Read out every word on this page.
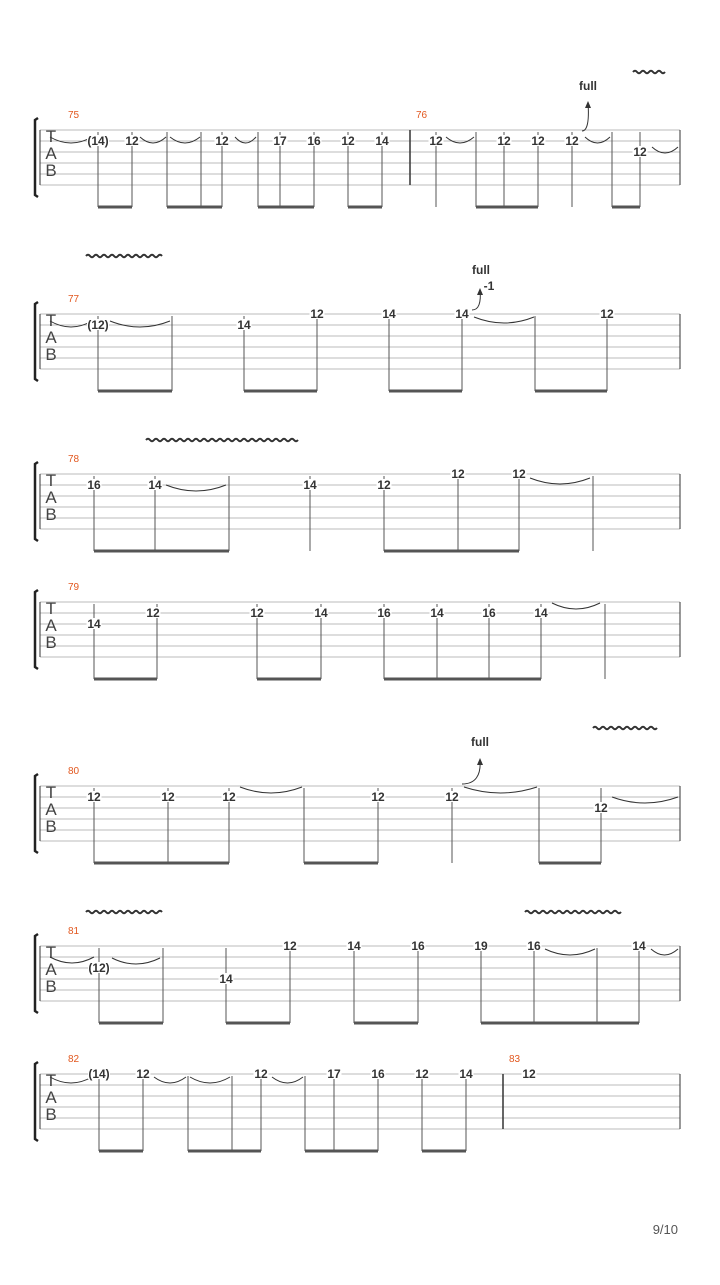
T
A
B
75	76
full
(14) 12	12	17 16 12 14	12	12 12 12
12
T
A
B
77
full
-1
(12)	14
12	14	14	12
T
A
B
78
16	14	14	12
12	12
T
A
B
79
14
12	12	14	16	14	16	14
T
A
B
80
full
12	12	12	12	12
12
T
A
B
81
(12)
14
12	14	16	19	16	14
T
A
B
82	83
(14) 12	12	17	16	12	14	12
9/10
